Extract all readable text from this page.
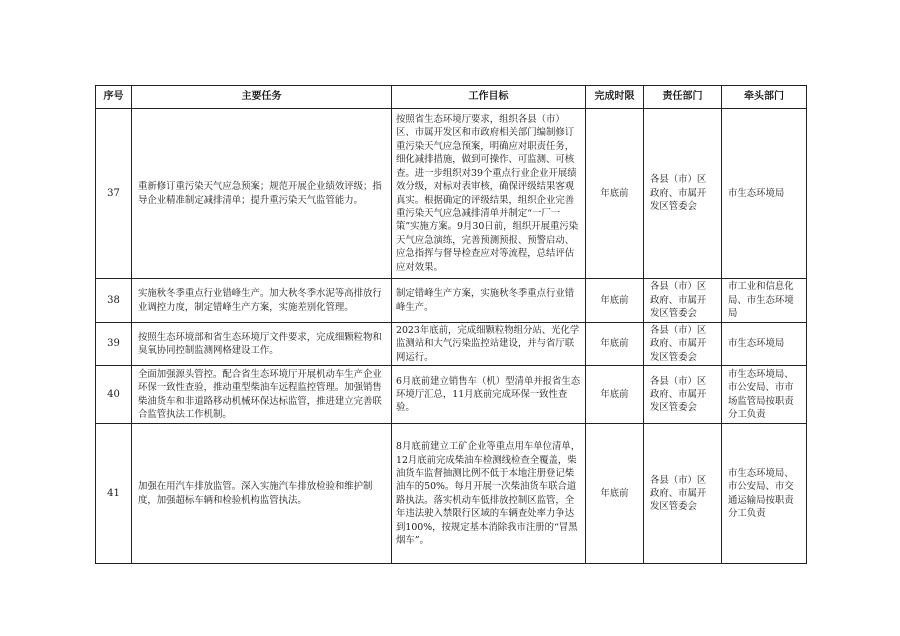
序号	主要任务	工作目标	完成时限	责任部门	牵头部门
37	重新修订重污染天气应急预案；规范开展企业绩效评级；指导企业精准制定减排清单；提升重污染天气监管能力。	按照省生态环境厅要求，组织各县（市）区、市属开发区和市政府相关部门编制修订重污染天气应急预案，明确应对职责任务，细化减排措施，做到可操作、可监测、可核查。进一步组织对39个重点行业企业开展绩效分级，对标对表审核，确保评级结果客观真实。根据确定的评级结果，组织企业完善重污染天气应急减排清单并制定“一厂一策”实施方案。9月30日前，组织开展重污染天气应急演练，完善预测预报、预警启动、应急指挥与督导检查应对等流程，总结评估应对效果。	年底前	各县（市）区政府、市属开发区管委会	市生态环境局
38	实施秋冬季重点行业错峰生产。加大秋冬季水泥等高排放行业调控力度，制定错峰生产方案，实施差别化管理。	制定错峰生产方案，实施秋冬季重点行业错峰生产。	年底前	各县（市）区政府、市属开发区管委会	市工业和信息化局、市生态环境局
39	按照生态环境部和省生态环境厅文件要求，完成细颗粒物和臭氧协同控制监测网格建设工作。	2023年底前，完成细颗粒物组分站、光化学监测站和大气污染监控站建设，并与省厅联网运行。	年底前	各县（市）区政府、市属开发区管委会	市生态环境局
40	全面加强源头管控。配合省生态环境厅开展机动车生产企业环保一致性查验，推动重型柴油车远程监控管理。加强销售柴油货车和非道路移动机械环保达标监管，推进建立完善联合监管执法工作机制。	6月底前建立销售车（机）型清单并报省生态环境厅汇总，11月底前完成环保一致性查验。	年底前	各县（市）区政府、市属开发区管委会	市生态环境局、市公安局、市市场监管局按职责分工负责
41	加强在用汽车排放监管。深入实施汽车排放检验和维护制度，加强超标车辆和检验机构监管执法。	8月底前建立工矿企业等重点用车单位清单，12月底前完成柴油车检测线检查全覆盖，柴油货车监督抽测比例不低于本地注册登记柴油车的50%。每月开展一次柴油货车联合道路执法。落实机动车低排放控制区监管，全年违法驶入禁限行区域的车辆查处率力争达到100%，按规定基本消除我市注册的“冒黑烟车”。	年底前	各县（市）区政府、市属开发区管委会	市生态环境局、市公安局、市交通运输局按职责分工负责
